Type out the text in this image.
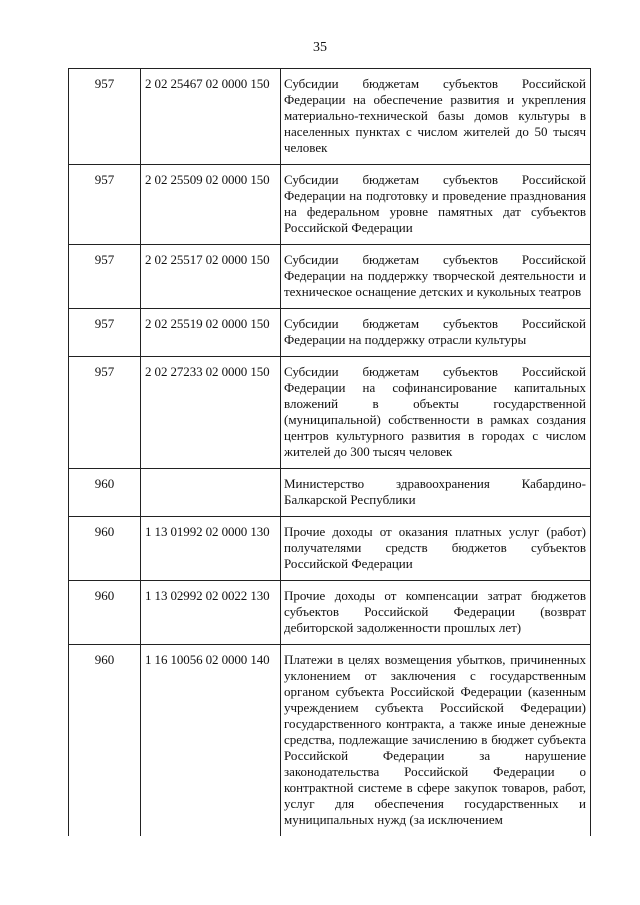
35
957	2 02 25467 02 0000 150	Субсидии бюджетам субъектов Российской Федерации на обеспечение развития и укрепления материально-технической базы домов культуры в населенных пунктах с числом жителей до 50 тысяч человек
957	2 02 25509 02 0000 150	Субсидии бюджетам субъектов Российской Федерации на подготовку и проведение празднования на федеральном уровне памятных дат субъектов Российской Федерации
957	2 02 25517 02 0000 150	Субсидии бюджетам субъектов Российской Федерации на поддержку творческой деятельности и техническое оснащение детских и кукольных театров
957	2 02 25519 02 0000 150	Субсидии бюджетам субъектов Российской Федерации на поддержку отрасли культуры
957	2 02 27233 02 0000 150	Субсидии бюджетам субъектов Российской Федерации на софинансирование капитальных вложений в объекты государственной (муниципальной) собственности в рамках создания центров культурного развития в городах с числом жителей до 300 тысяч человек
960		Министерство здравоохранения Кабардино-Балкарской Республики
960	1 13 01992 02 0000 130	Прочие доходы от оказания платных услуг (работ) получателями средств бюджетов субъектов Российской Федерации
960	1 13 02992 02 0022 130	Прочие доходы от компенсации затрат бюджетов субъектов Российской Федерации (возврат дебиторской задолженности прошлых лет)
960	1 16 10056 02 0000 140	Платежи в целях возмещения убытков, причиненных уклонением от заключения с государственным органом субъекта Российской Федерации (казенным учреждением субъекта Российской Федерации) государственного контракта, а также иные денежные средства, подлежащие зачислению в бюджет субъекта Российской Федерации за нарушение законодательства Российской Федерации о контрактной системе в сфере закупок товаров, работ, услуг для обеспечения государственных и муниципальных нужд (за исключением
